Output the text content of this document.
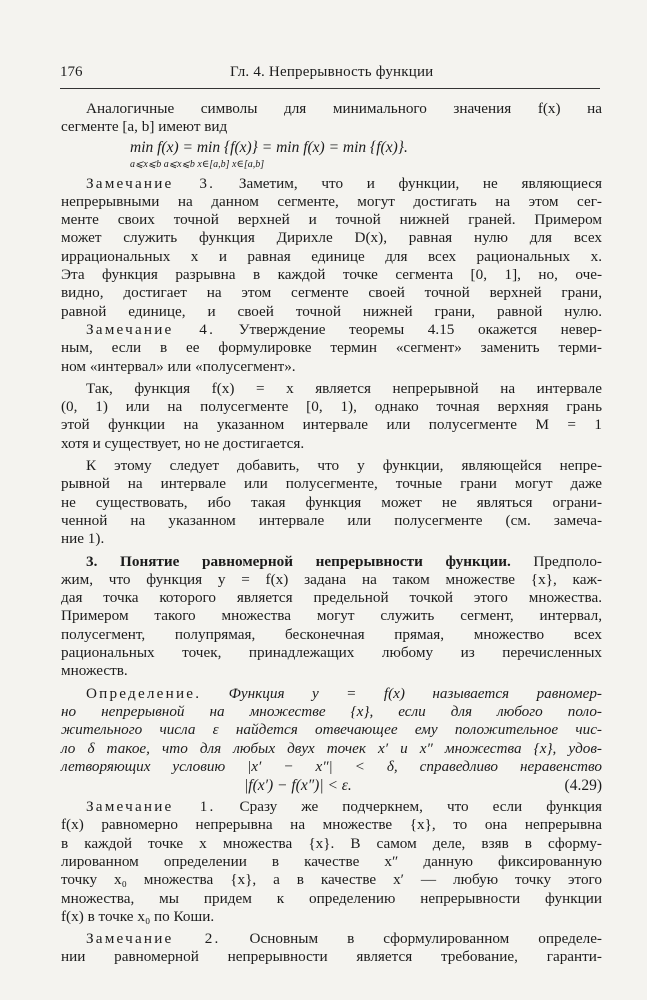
176	Гл. 4. Непрерывность функции
Аналогичные символы для минимального значения f(x) на
сегменте [a, b] имеют вид
min f(x) = min {f(x)} = min f(x) = min {f(x)}.
a⩽x⩽b a⩽x⩽b x∈[a,b] x∈[a,b]
Замечание 3. Заметим, что и функции, не являющиеся
непрерывными на данном сегменте, могут достигать на этом сег-
менте своих точной верхней и точной нижней граней. Примером
может служить функция Дирихле D(x), равная нулю для всех
иррациональных x и равная единице для всех рациональных x.
Эта функция разрывна в каждой точке сегмента [0, 1], но, оче-
видно, достигает на этом сегменте своей точной верхней грани,
равной единице, и своей точной нижней грани, равной нулю.
Замечание 4. Утверждение теоремы 4.15 окажется невер-
ным, если в ее формулировке термин «сегмент» заменить терми-
ном «интервал» или «полусегмент».
Так, функция f(x) = x является непрерывной на интервале
(0, 1) или на полусегменте [0, 1), однако точная верхняя грань
этой функции на указанном интервале или полусегменте M = 1
хотя и существует, но не достигается.
К этому следует добавить, что у функции, являющейся непре-
рывной на интервале или полусегменте, точные грани могут даже
не существовать, ибо такая функция может не являться ограни-
ченной на указанном интервале или полусегменте (см. замеча-
ние 1).
3. Понятие равномерной непрерывности функции. Предполо-
жим, что функция y = f(x) задана на таком множестве {x}, каж-
дая точка которого является предельной точкой этого множества.
Примером такого множества могут служить сегмент, интервал,
полусегмент, полупрямая, бесконечная прямая, множество всех
рациональных точек, принадлежащих любому из перечисленных
множеств.
Определение. Функция y = f(x) называется равномер-
но непрерывной на множестве {x}, если для любого поло-
жительного числа ε найдется отвечающее ему положительное чис-
ло δ такое, что для любых двух точек x′ и x″ множества {x}, удов-
летворяющих условию |x′ − x″| < δ, справедливо неравенство
|f(x′) − f(x″)| < ε.	(4.29)
Замечание 1. Сразу же подчеркнем, что если функция
f(x) равномерно непрерывна на множестве {x}, то она непрерывна
в каждой точке x множества {x}. В самом деле, взяв в сформу-
лированном определении в качестве x″ данную фиксированную
точку x₀ множества {x}, а в качестве x′ — любую точку этого
множества, мы придем к определению непрерывности функции
f(x) в точке x₀ по Коши.
Замечание 2. Основным в сформулированном определе-
нии равномерной непрерывности является требование, гаранти-
